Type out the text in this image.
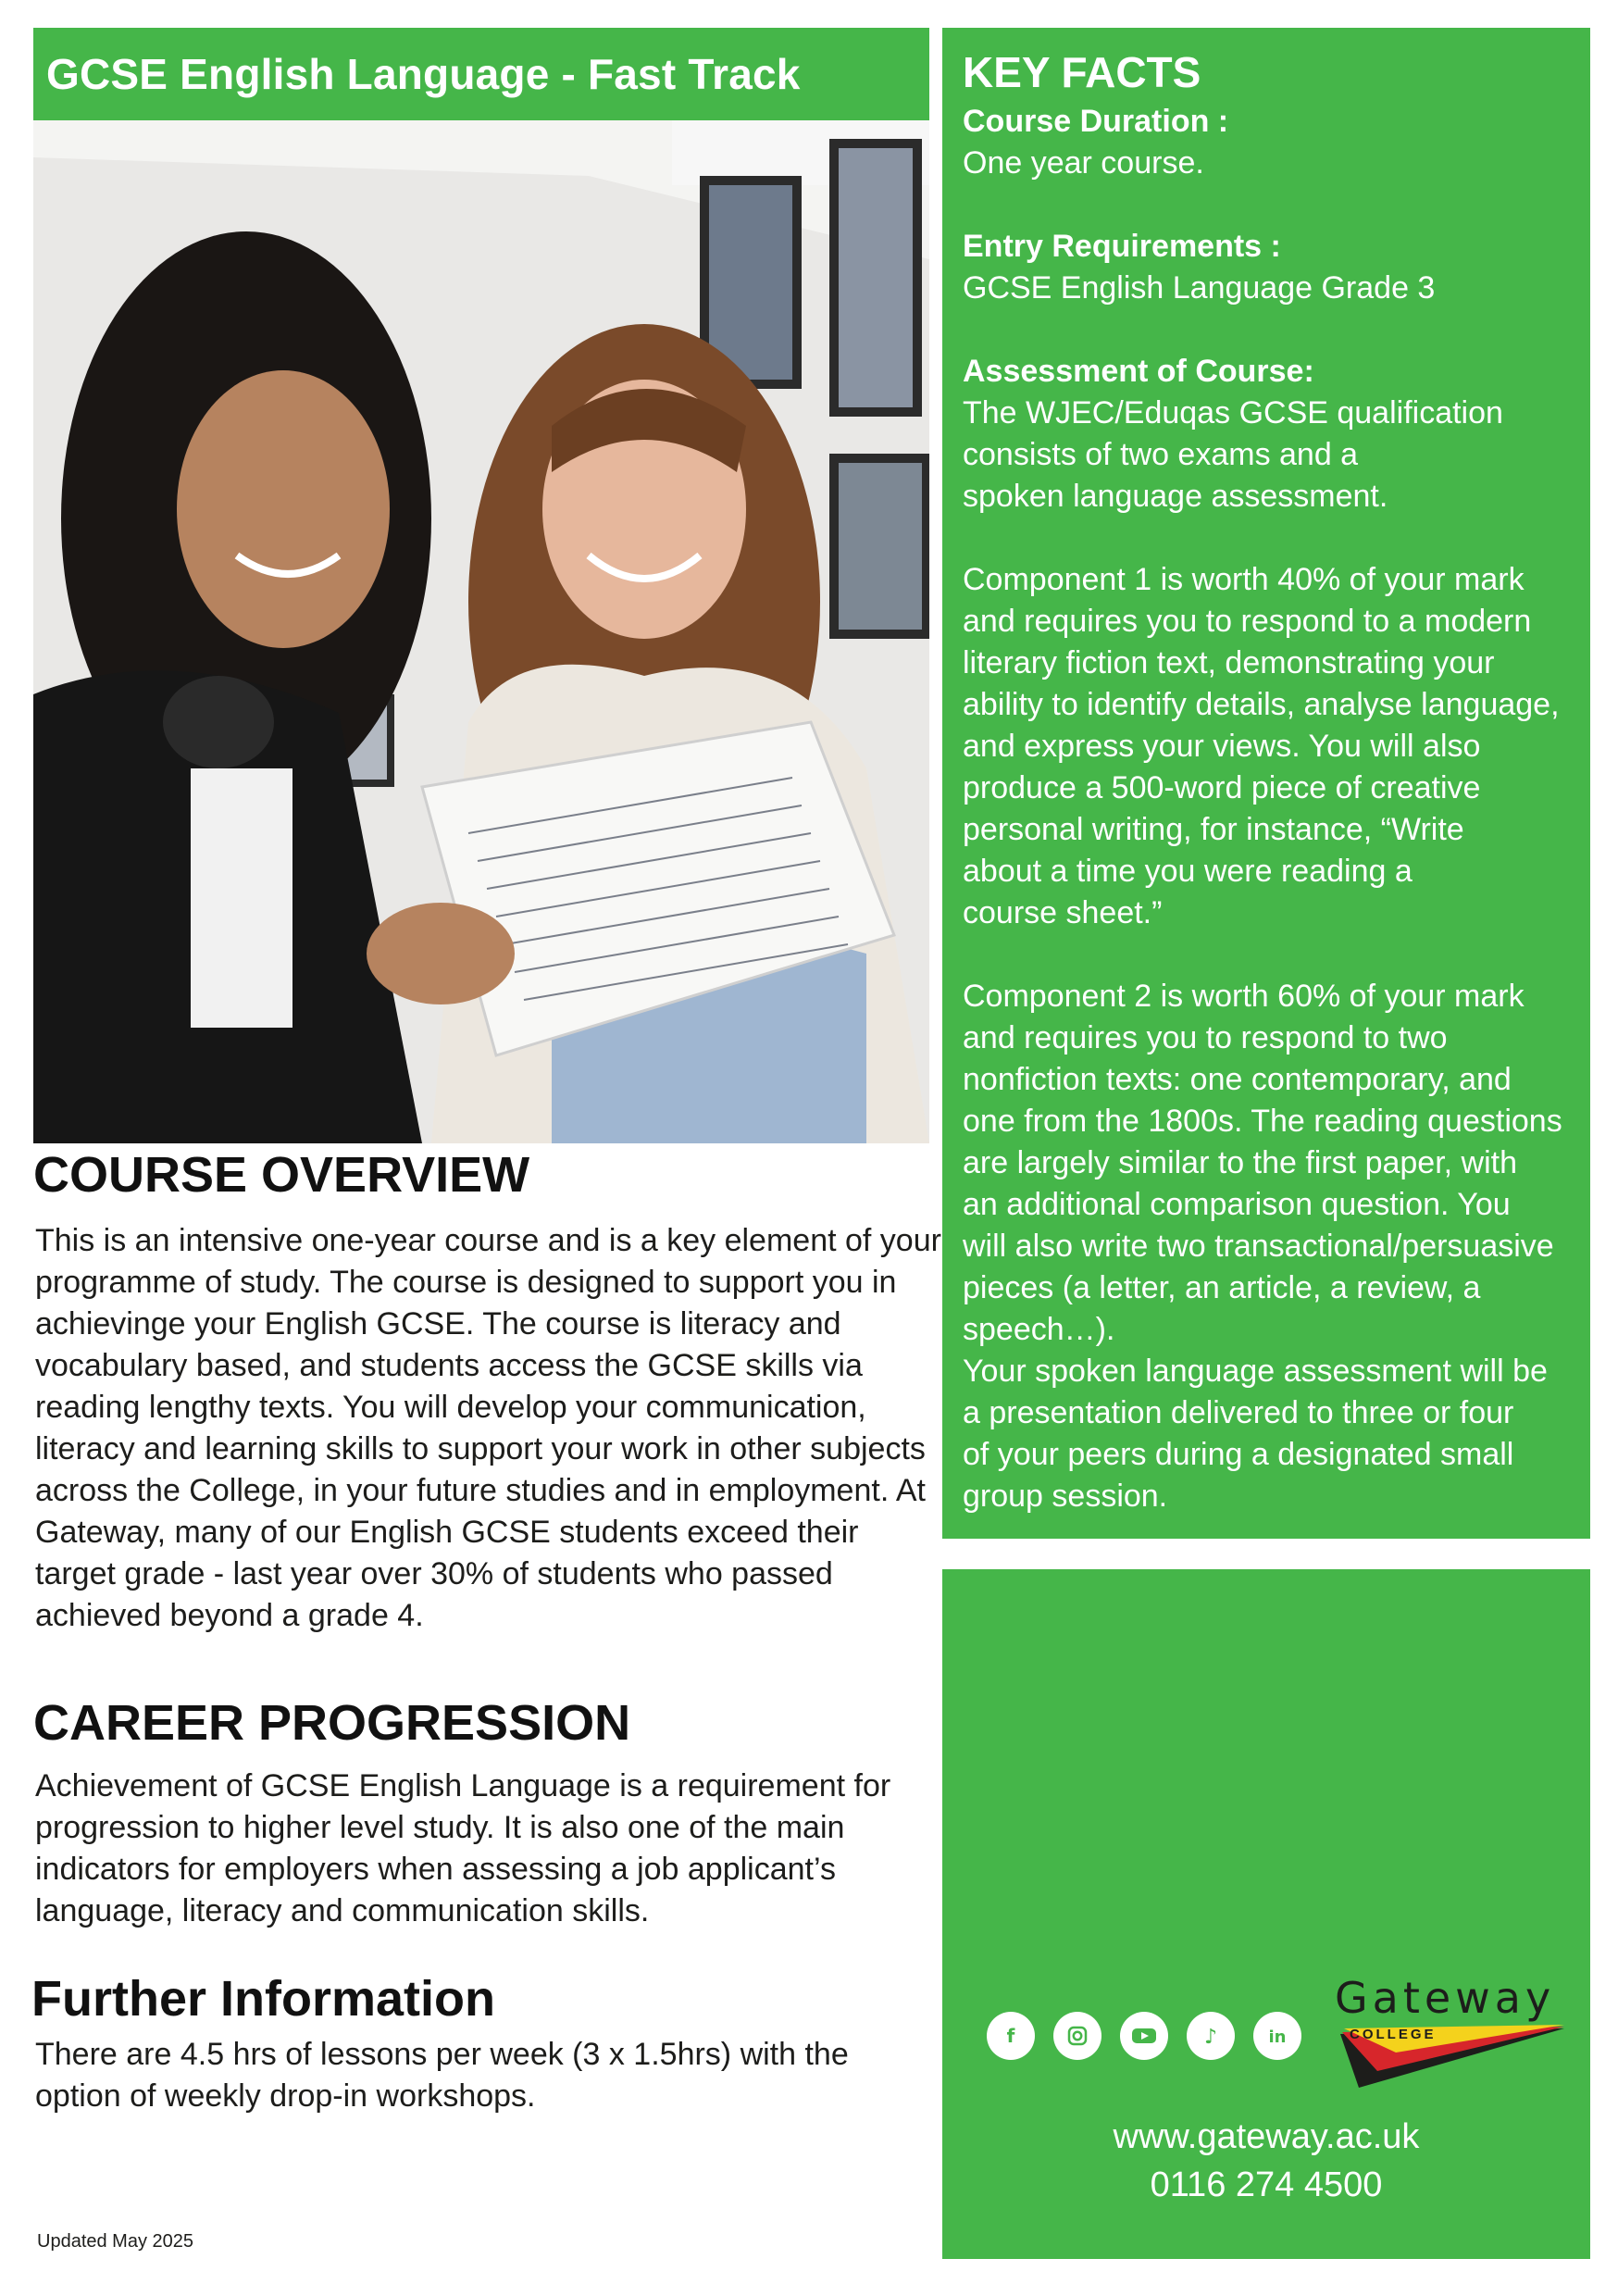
GCSE English Language - Fast Track
COURSE OVERVIEW

This is an intensive one-year course and is a key element of your programme of study. The course is designed to support you in achievinge your English GCSE. The course is literacy and vocabulary based, and students access the GCSE skills via reading lengthy texts. You will develop your communication, literacy and learning skills to support your work in other subjects across the College, in your future studies and in employment. At Gateway, many of our English GCSE students exceed their target grade - last year over 30% of students who passed achieved beyond a grade 4.

CAREER PROGRESSION

Achievement of GCSE English Language is a requirement for progression to higher level study. It is also one of the main indicators for employers when assessing a job applicant’s language, literacy and communication skills.

Further Information

There are 4.5 hrs of lessons per week (3 x 1.5hrs) with the option of weekly drop-in workshops.

Updated May 2025

KEY FACTS

Course Duration :

One year course.

Entry Requirements :

GCSE English Language Grade 3

Assessment of Course:

The WJEC/Eduqas GCSE qualification
consists of two exams and a
spoken language assessment.

Component 1 is worth 40% of your mark
and requires you to respond to a modern
literary fiction text, demonstrating your
ability to identify details, analyse language,
and express your views. You will also
produce a 500-word piece of creative
personal writing, for instance, “Write
about a time you were reading a
course sheet.”

Component 2 is worth 60% of your mark
and requires you to respond to two
nonfiction texts: one contemporary, and
one from the 1800s. The reading questions
are largely similar to the first paper, with
an additional comparison question. You
will also write two transactional/persuasive
pieces (a letter, an article, a review, a
speech…).
Your spoken language assessment will be
a presentation delivered to three or four
of your peers during a designated small
group session.

f	♪	in
Gateway
COLLEGE

www.gateway.ac.uk

0116 274 4500
